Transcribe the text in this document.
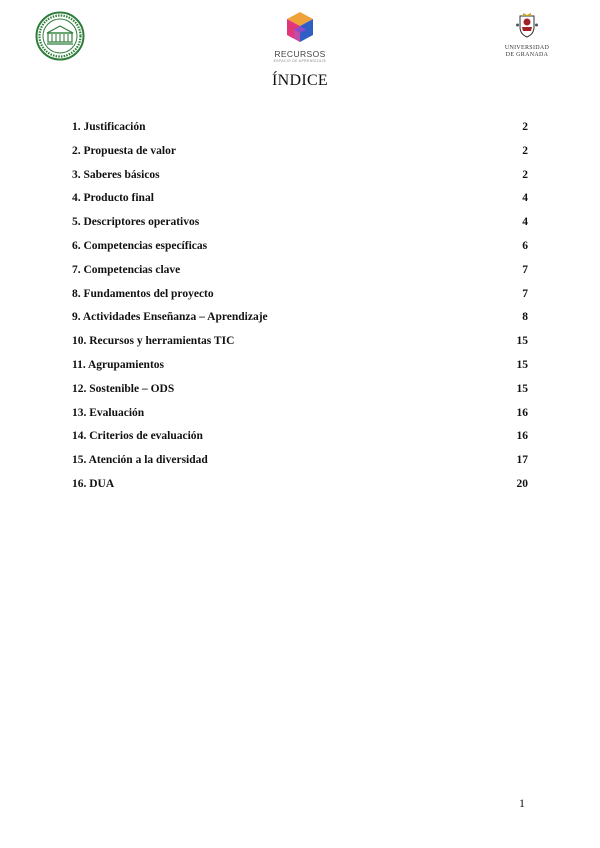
RECURSOS
ESPACIO DE APRENDIZAJE
UNIVERSIDAD
DE GRANADA
ÍNDICE
1. Justificación	2
2. Propuesta de valor	2
3. Saberes básicos	2
4. Producto final	4
5. Descriptores operativos	4
6. Competencias específicas	6
7. Competencias clave	7
8. Fundamentos del proyecto	7
9. Actividades Enseñanza – Aprendizaje	8
10. Recursos y herramientas TIC	15
11. Agrupamientos	15
12. Sostenible – ODS	15
13. Evaluación	16
14. Criterios de evaluación	16
15. Atención a la diversidad	17
16. DUA	20
1
